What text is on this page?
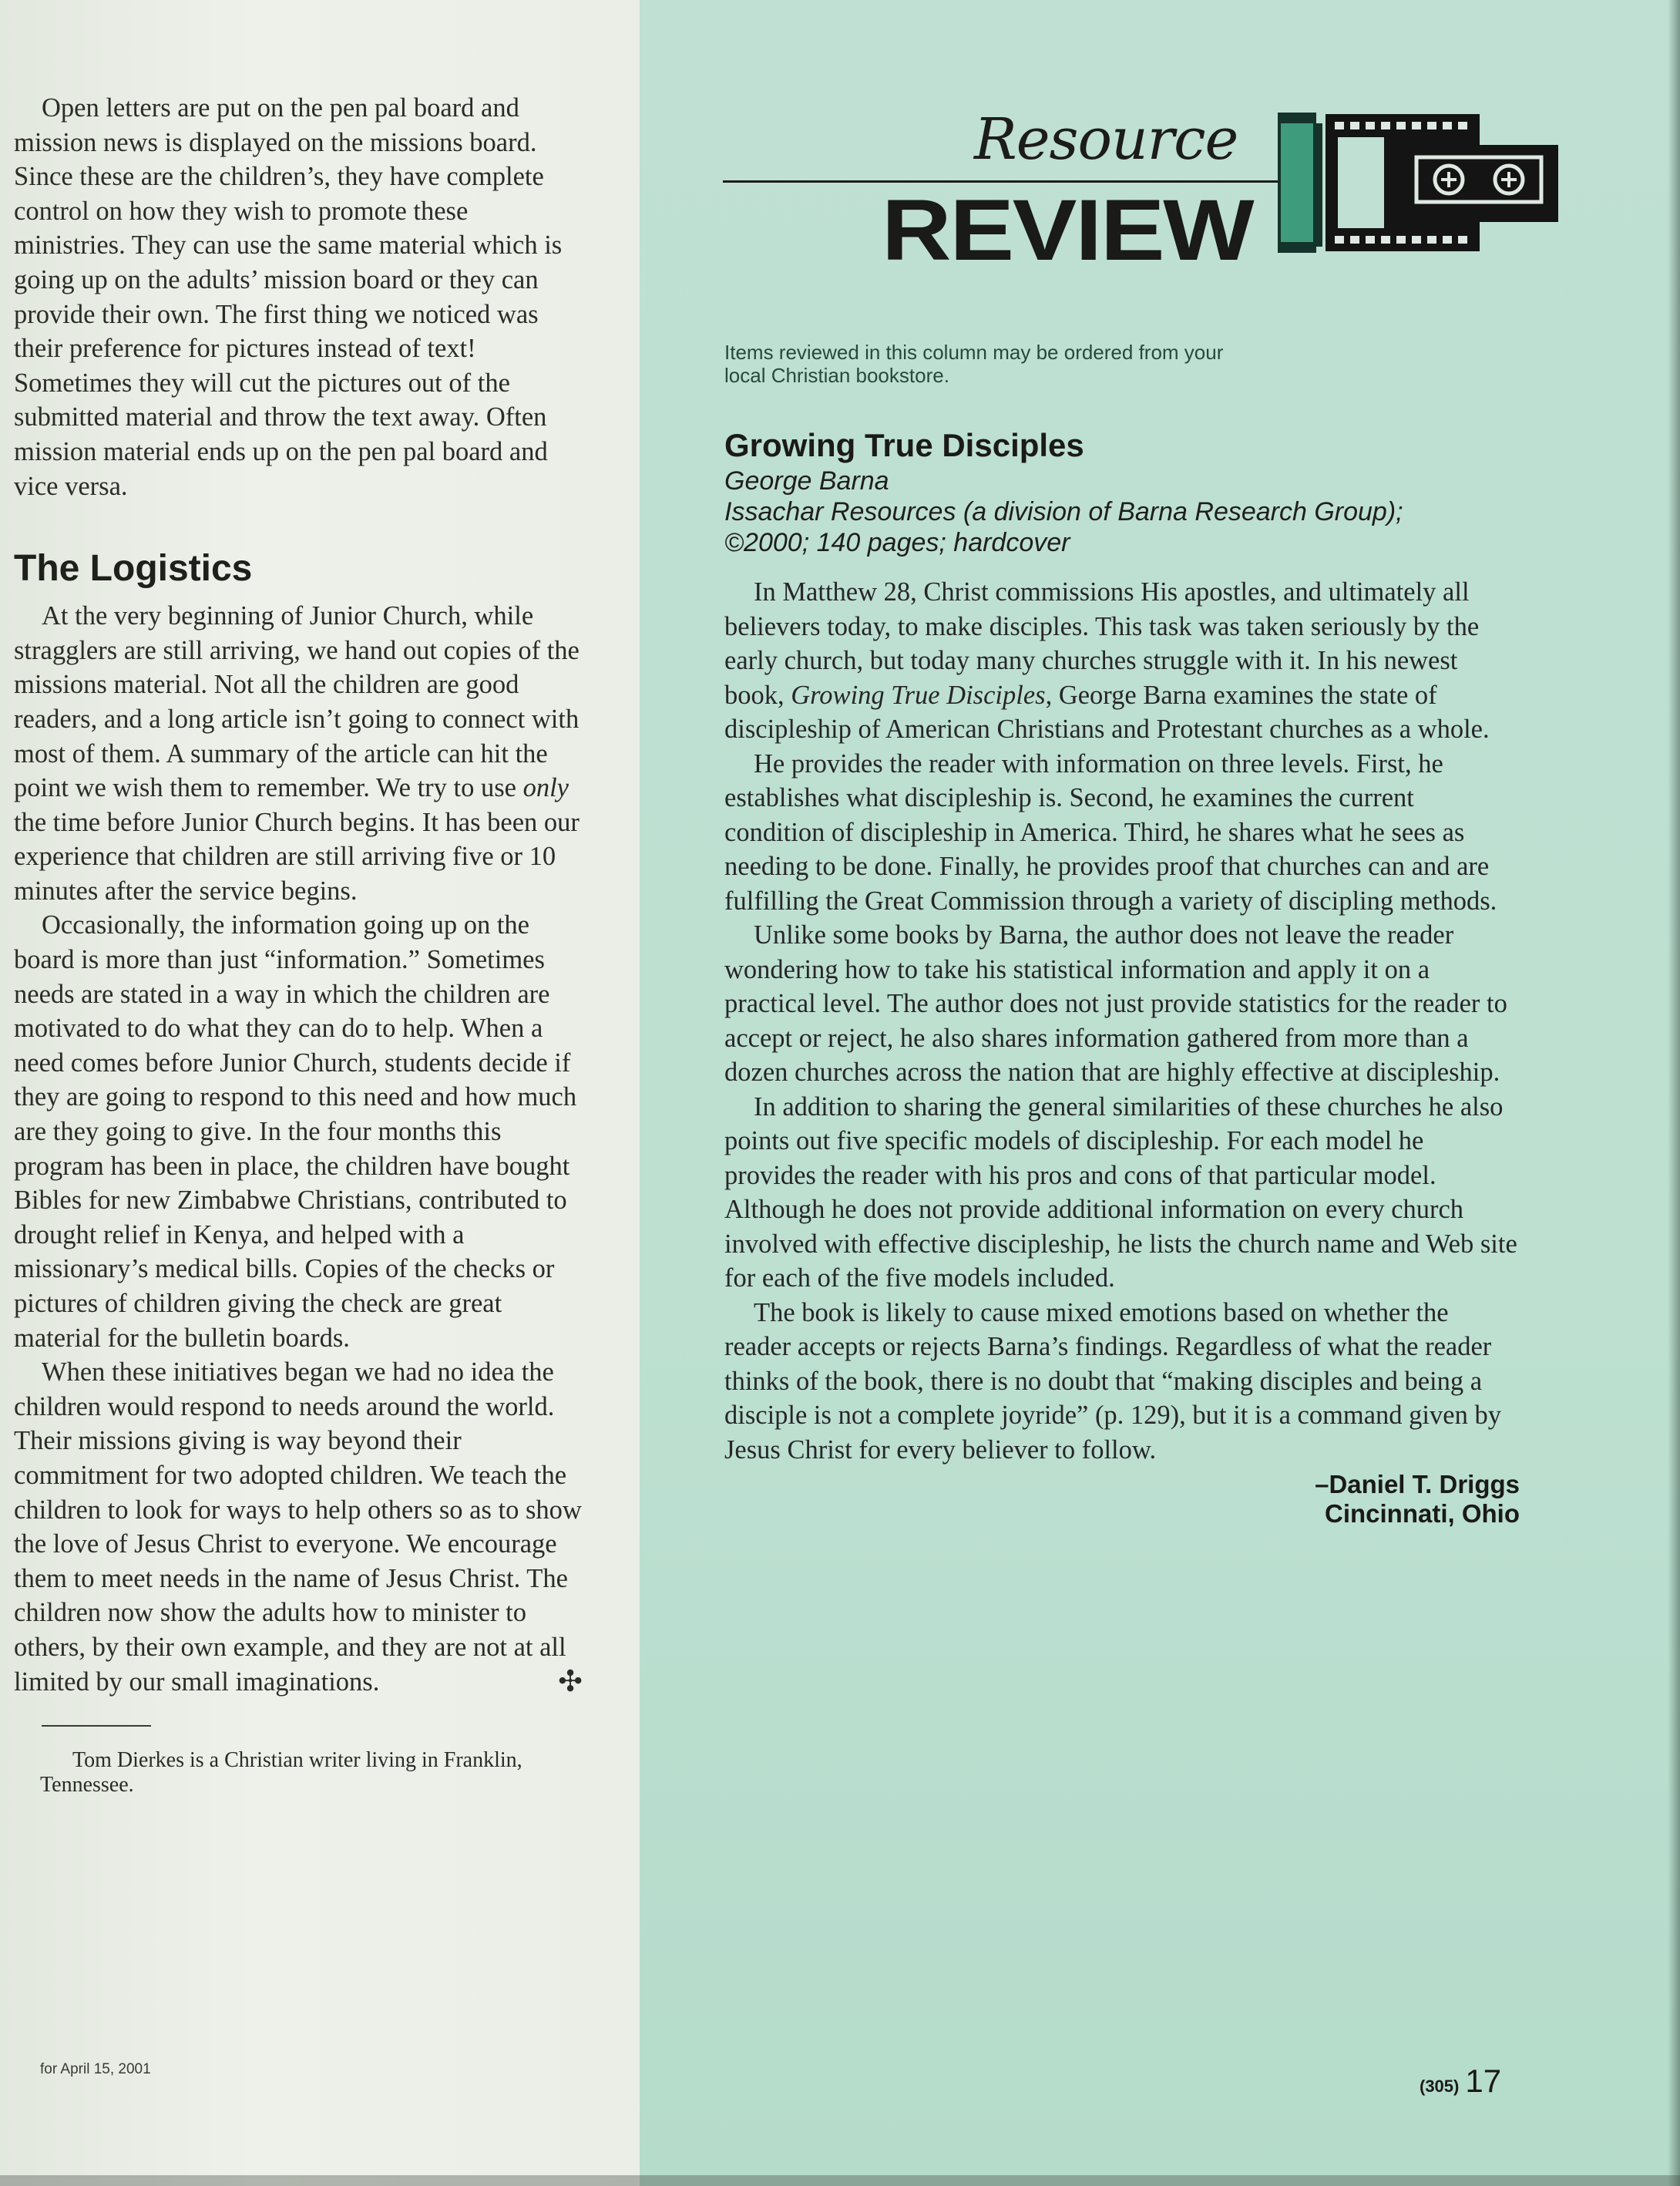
Open letters are put on the pen pal board and mission news is displayed on the missions board. Since these are the children’s, they have complete control on how they wish to promote these ministries. They can use the same material which is going up on the adults’ mission board or they can provide their own. The first thing we noticed was their preference for pictures instead of text! Sometimes they will cut the pictures out of the submitted material and throw the text away. Often mission material ends up on the pen pal board and vice versa.

The Logistics

At the very beginning of Junior Church, while stragglers are still arriving, we hand out copies of the missions material. Not all the children are good readers, and a long article isn’t going to connect with most of them. A summary of the article can hit the point we wish them to remember. We try to use only the time before Junior Church begins. It has been our experience that children are still arriving five or 10 minutes after the service begins.

Occasionally, the information going up on the board is more than just “information.” Sometimes needs are stated in a way in which the children are motivated to do what they can do to help. When a need comes before Junior Church, students decide if they are going to respond to this need and how much are they going to give. In the four months this program has been in place, the children have bought Bibles for new Zimbabwe Christians, contributed to drought relief in Kenya, and helped with a missionary’s medical bills. Copies of the checks or pictures of children giving the check are great material for the bulletin boards.

When these initiatives began we had no idea the children would respond to needs around the world. Their missions giving is way beyond their commitment for two adopted children. We teach the children to look for ways to help others so as to show the love of Jesus Christ to everyone. We encourage them to meet needs in the name of Jesus Christ. The children now show the adults how to minister to others, by their own example, and they are not at all limited by our small imaginations.	✣

Tom Dierkes is a Christian writer living in Franklin, Tennessee.

for April 15, 2001
Resource
REVIEW
Items reviewed in this column may be ordered from your local Christian bookstore.
Growing True Disciples
George Barna
Issachar Resources (a division of Barna Research Group);
©2000; 140 pages; hardcover

In Matthew 28, Christ commissions His apostles, and ultimately all believers today, to make disciples. This task was taken seriously by the early church, but today many churches struggle with it. In his newest book, Growing True Disciples, George Barna examines the state of discipleship of American Christians and Protestant churches as a whole.

He provides the reader with information on three levels. First, he establishes what discipleship is. Second, he examines the current condition of discipleship in America. Third, he shares what he sees as needing to be done. Finally, he provides proof that churches can and are fulfilling the Great Commission through a variety of discipling methods.

Unlike some books by Barna, the author does not leave the reader wondering how to take his statistical information and apply it on a practical level. The author does not just provide statistics for the reader to accept or reject, he also shares information gathered from more than a dozen churches across the nation that are highly effective at discipleship.

In addition to sharing the general similarities of these churches he also points out five specific models of discipleship. For each model he provides the reader with his pros and cons of that particular model. Although he does not provide additional information on every church involved with effective discipleship, he lists the church name and Web site for each of the five models included.

The book is likely to cause mixed emotions based on whether the reader accepts or rejects Barna’s findings. Regardless of what the reader thinks of the book, there is no doubt that “making disciples and being a disciple is not a complete joyride” (p. 129), but it is a command given by Jesus Christ for every believer to follow.

–Daniel T. Driggs
Cincinnati, Ohio
(305) 17
